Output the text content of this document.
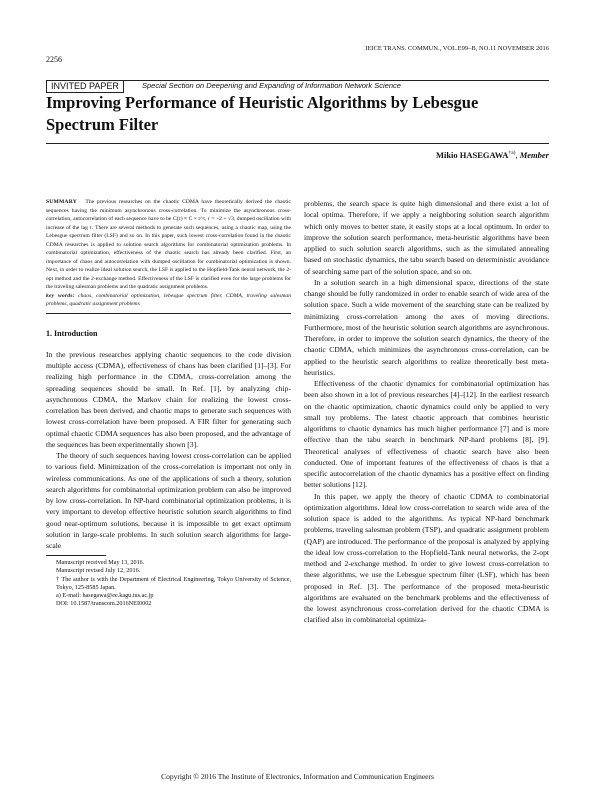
2256
IEICE TRANS. COMMUN., VOL.E99–B, NO.11 NOVEMBER 2016
INVITED PAPER	Special Section on Deepening and Expanding of Information Network Science
Improving Performance of Heuristic Algorithms by Lebesgue Spectrum Filter
Mikio HASEGAWA$^{\dagger a)}$, Member
SUMMARY The previous researches on the chaotic CDMA have theoretically derived the chaotic sequences having the minimum asynchronous cross-correlation. To minimize the asynchronous cross-correlation, autocorrelation of each sequence have to be C(τ) ≈ C × r^τ, r = −2 + √3, dumped oscillation with increase of the lag τ. There are several methods to generate such sequences, using a chaotic map, using the Lebesgue spectrum filter (LSF) and so on. In this paper, such lowest cross-correlation found in the chaotic CDMA researches is applied to solution search algorithms for combinatorial optimization problems. In combinatorial optimization, effectiveness of the chaotic search has already been clarified. First, an importance of chaos and autocorrelation with dumped oscillation for combinatorial optimization is shown. Next, in order to realize ideal solution search, the LSF is applied to the Hopfield-Tank neural network, the 2-opt method and the 2-exchange method. Effectiveness of the LSF is clarified even for the large problems for the traveling salesman problems and the quadratic assignment problems.
key words: chaos, combinatorial optimization, lebesgue spectrum filter, CDMA, traveling salesman problems, quadratic assignment problems
1. Introduction

In the previous researches applying chaotic sequences to the code division multiple access (CDMA), effectiveness of chaos has been clarified [1]–[3]. For realizing high performance in the CDMA, cross-correlation among the spreading sequences should be small. In Ref. [1], by analyzing chip-asynchronous CDMA, the Markov chain for realizing the lowest cross-correlation has been derived, and chaotic maps to generate such sequences with lowest cross-correlation have been proposed. A FIR filter for generating such optimal chaotic CDMA sequences has also been proposed, and the advantage of the sequences has been experimentally shown [3].

The theory of such sequences having lowest cross-correlation can be applied to various field. Minimization of the cross-correlation is important not only in wireless communications. As one of the applications of such a theory, solution search algorithms for combinatorial optimization problem can also be improved by low cross-correlation. In NP-hard combinatorial optimization problems, it is very important to develop effective heuristic solution search algorithms to find good near-optimum solutions, because it is impossible to get exact optimum solution in large-scale problems. In such solution search algorithms for large-scale

Manuscript received May 13, 2016.
Manuscript revised July 12, 2016.
† The author is with the Department of Electrical Engineering, Tokyo University of Science, Tokyo, 125-8585 Japan.
a) E-mail: hasegawa@ee.kagu.tus.ac.jp
DOI: 10.1587/transcom.2016NEI0002

problems, the search space is quite high dimensional and there exist a lot of local optima. Therefore, if we apply a neighboring solution search algorithm which only moves to better state, it easily stops at a local optimum. In order to improve the solution search performance, meta-heuristic algorithms have been applied to such solution search algorithms, such as the simulated annealing based on stochastic dynamics, the tabu search based on deterministic avoidance of searching same part of the solution space, and so on.

In a solution search in a high dimensional space, directions of the state change should be fully randomized in order to enable search of wide area of the solution space. Such a wide movement of the searching state can be realized by minimizing cross-correlation among the axes of moving directions. Furthermore, most of the heuristic solution search algorithms are asynchronous. Therefore, in order to improve the solution search dynamics, the theory of the chaotic CDMA, which minimizes the asynchronous cross-correlation, can be applied to the heuristic search algorithms to realize theoretically best meta-heuristics.

Effectiveness of the chaotic dynamics for combinatorial optimization has been also shown in a lot of previous researches [4]–[12]. In the earliest research on the chaotic optimization, chaotic dynamics could only be applied to very small toy problems. The latest chaotic approach that combines heuristic algorithms to chaotic dynamics has much higher performance [7] and is more effective than the tabu search in benchmark NP-hard problems [8], [9]. Theoretical analyses of effectiveness of chaotic search have also been conducted. One of important features of the effectiveness of chaos is that a specific autocorrelation of the chaotic dynamics has a positive effect on finding better solutions [12].

In this paper, we apply the theory of chaotic CDMA to combinatorial optimization algorithms. Ideal low cross-correlation to search wide area of the solution space is added to the algorithms. As typical NP-hard benchmark problems, traveling salesman problem (TSP), and quadratic assignment problem (QAP) are introduced. The performance of the proposal is analyzed by applying the ideal low cross-correlation to the Hopfield-Tank neural networks, the 2-opt method and 2-exchange method. In order to give lowest cross-correlation to these algorithms, we use the Lebesgue spectrum filter (LSF), which has been proposed in Ref. [3]. The performance of the proposed meta-heuristic algorithms are evaluated on the benchmark problems and the effectiveness of the lowest asynchronous cross-correlation derived for the chaotic CDMA is clarified also in combinatorial optimiza-

Copyright © 2016 The Institute of Electronics, Information and Communication Engineers
